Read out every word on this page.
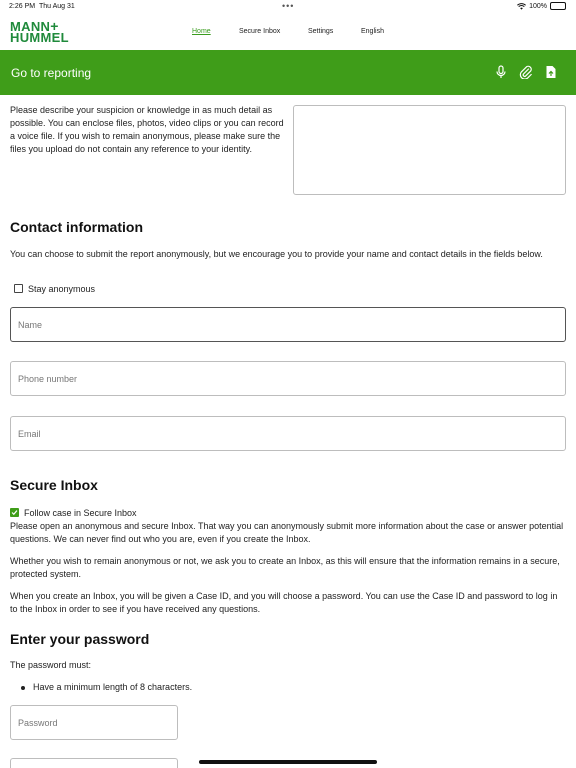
2:26 PM Thu Aug 31	•••	100%
MANN+
HUMMEL	Home	Secure Inbox	Settings	English
Go to reporting
Please describe your suspicion or knowledge in as much detail as possible. You can enclose files, photos, video clips or you can record a voice file. If you wish to remain anonymous, please make sure the files you upload do not contain any reference to your identity.
Contact information
You can choose to submit the report anonymously, but we encourage you to provide your name and contact details in the fields below.
Stay anonymous
Name
Phone number
Email
Secure Inbox
Follow case in Secure Inbox
Please open an anonymous and secure Inbox. That way you can anonymously submit more information about the case or answer potential questions. We can never find out who you are, even if you create the Inbox.
Whether you wish to remain anonymous or not, we ask you to create an Inbox, as this will ensure that the information remains in a secure, protected system.
When you create an Inbox, you will be given a Case ID, and you will choose a password. You can use the Case ID and password to log in to the Inbox in order to see if you have received any questions.
Enter your password
The password must:
Have a minimum length of 8 characters.
